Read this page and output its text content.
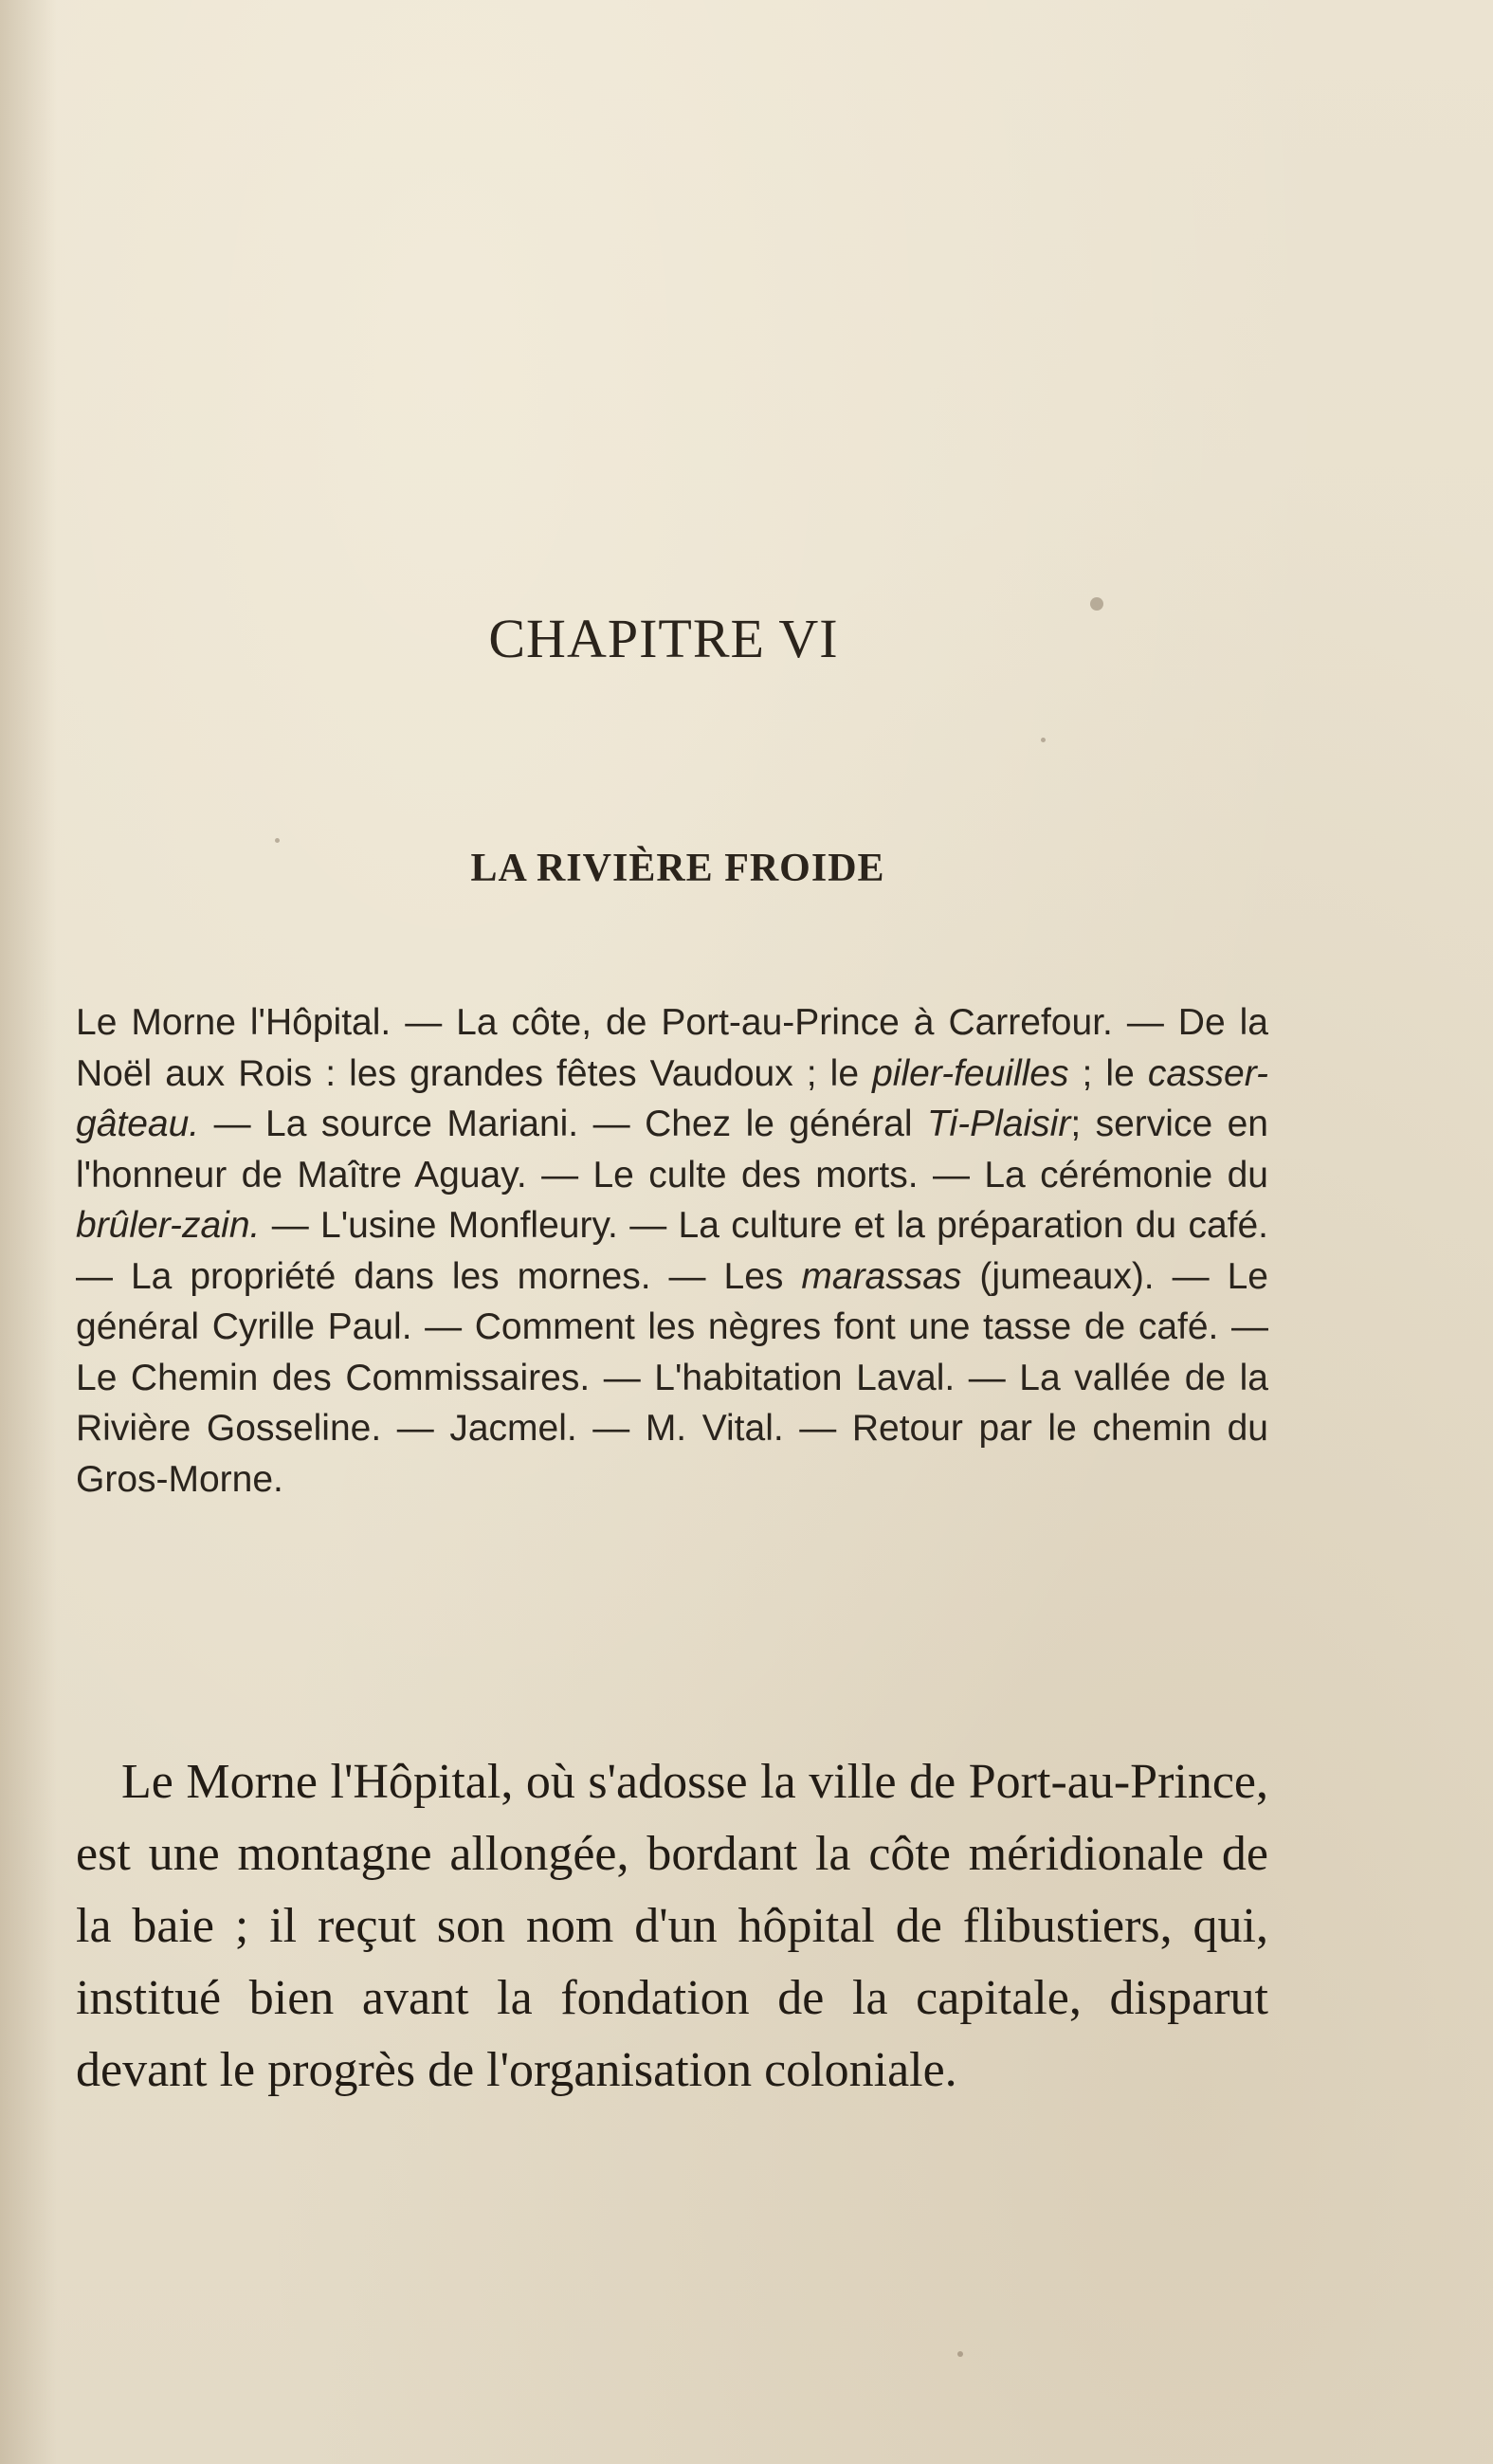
CHAPITRE VI
LA RIVIÈRE FROIDE

Le Morne l'Hôpital. — La côte, de Port-au-Prince à Carrefour. — De la Noël aux Rois : les grandes fêtes Vaudoux ; le piler-feuilles ; le casser-gâteau. — La source Mariani. — Chez le général Ti-Plaisir; service en l'honneur de Maître Aguay. — Le culte des morts. — La cérémonie du brûler-zain. — L'usine Monfleury. — La culture et la préparation du café. — La propriété dans les mornes. — Les marassas (jumeaux). — Le général Cyrille Paul. — Comment les nègres font une tasse de café. — Le Chemin des Commissaires. — L'habitation Laval. — La vallée de la Rivière Gosseline. — Jacmel. — M. Vital. — Retour par le chemin du Gros-Morne.

Le Morne l'Hôpital, où s'adosse la ville de Port-au-Prince, est une montagne allongée, bordant la côte méridionale de la baie ; il reçut son nom d'un hôpital de flibustiers, qui, institué bien avant la fondation de la capitale, disparut devant le progrès de l'organisation coloniale.
